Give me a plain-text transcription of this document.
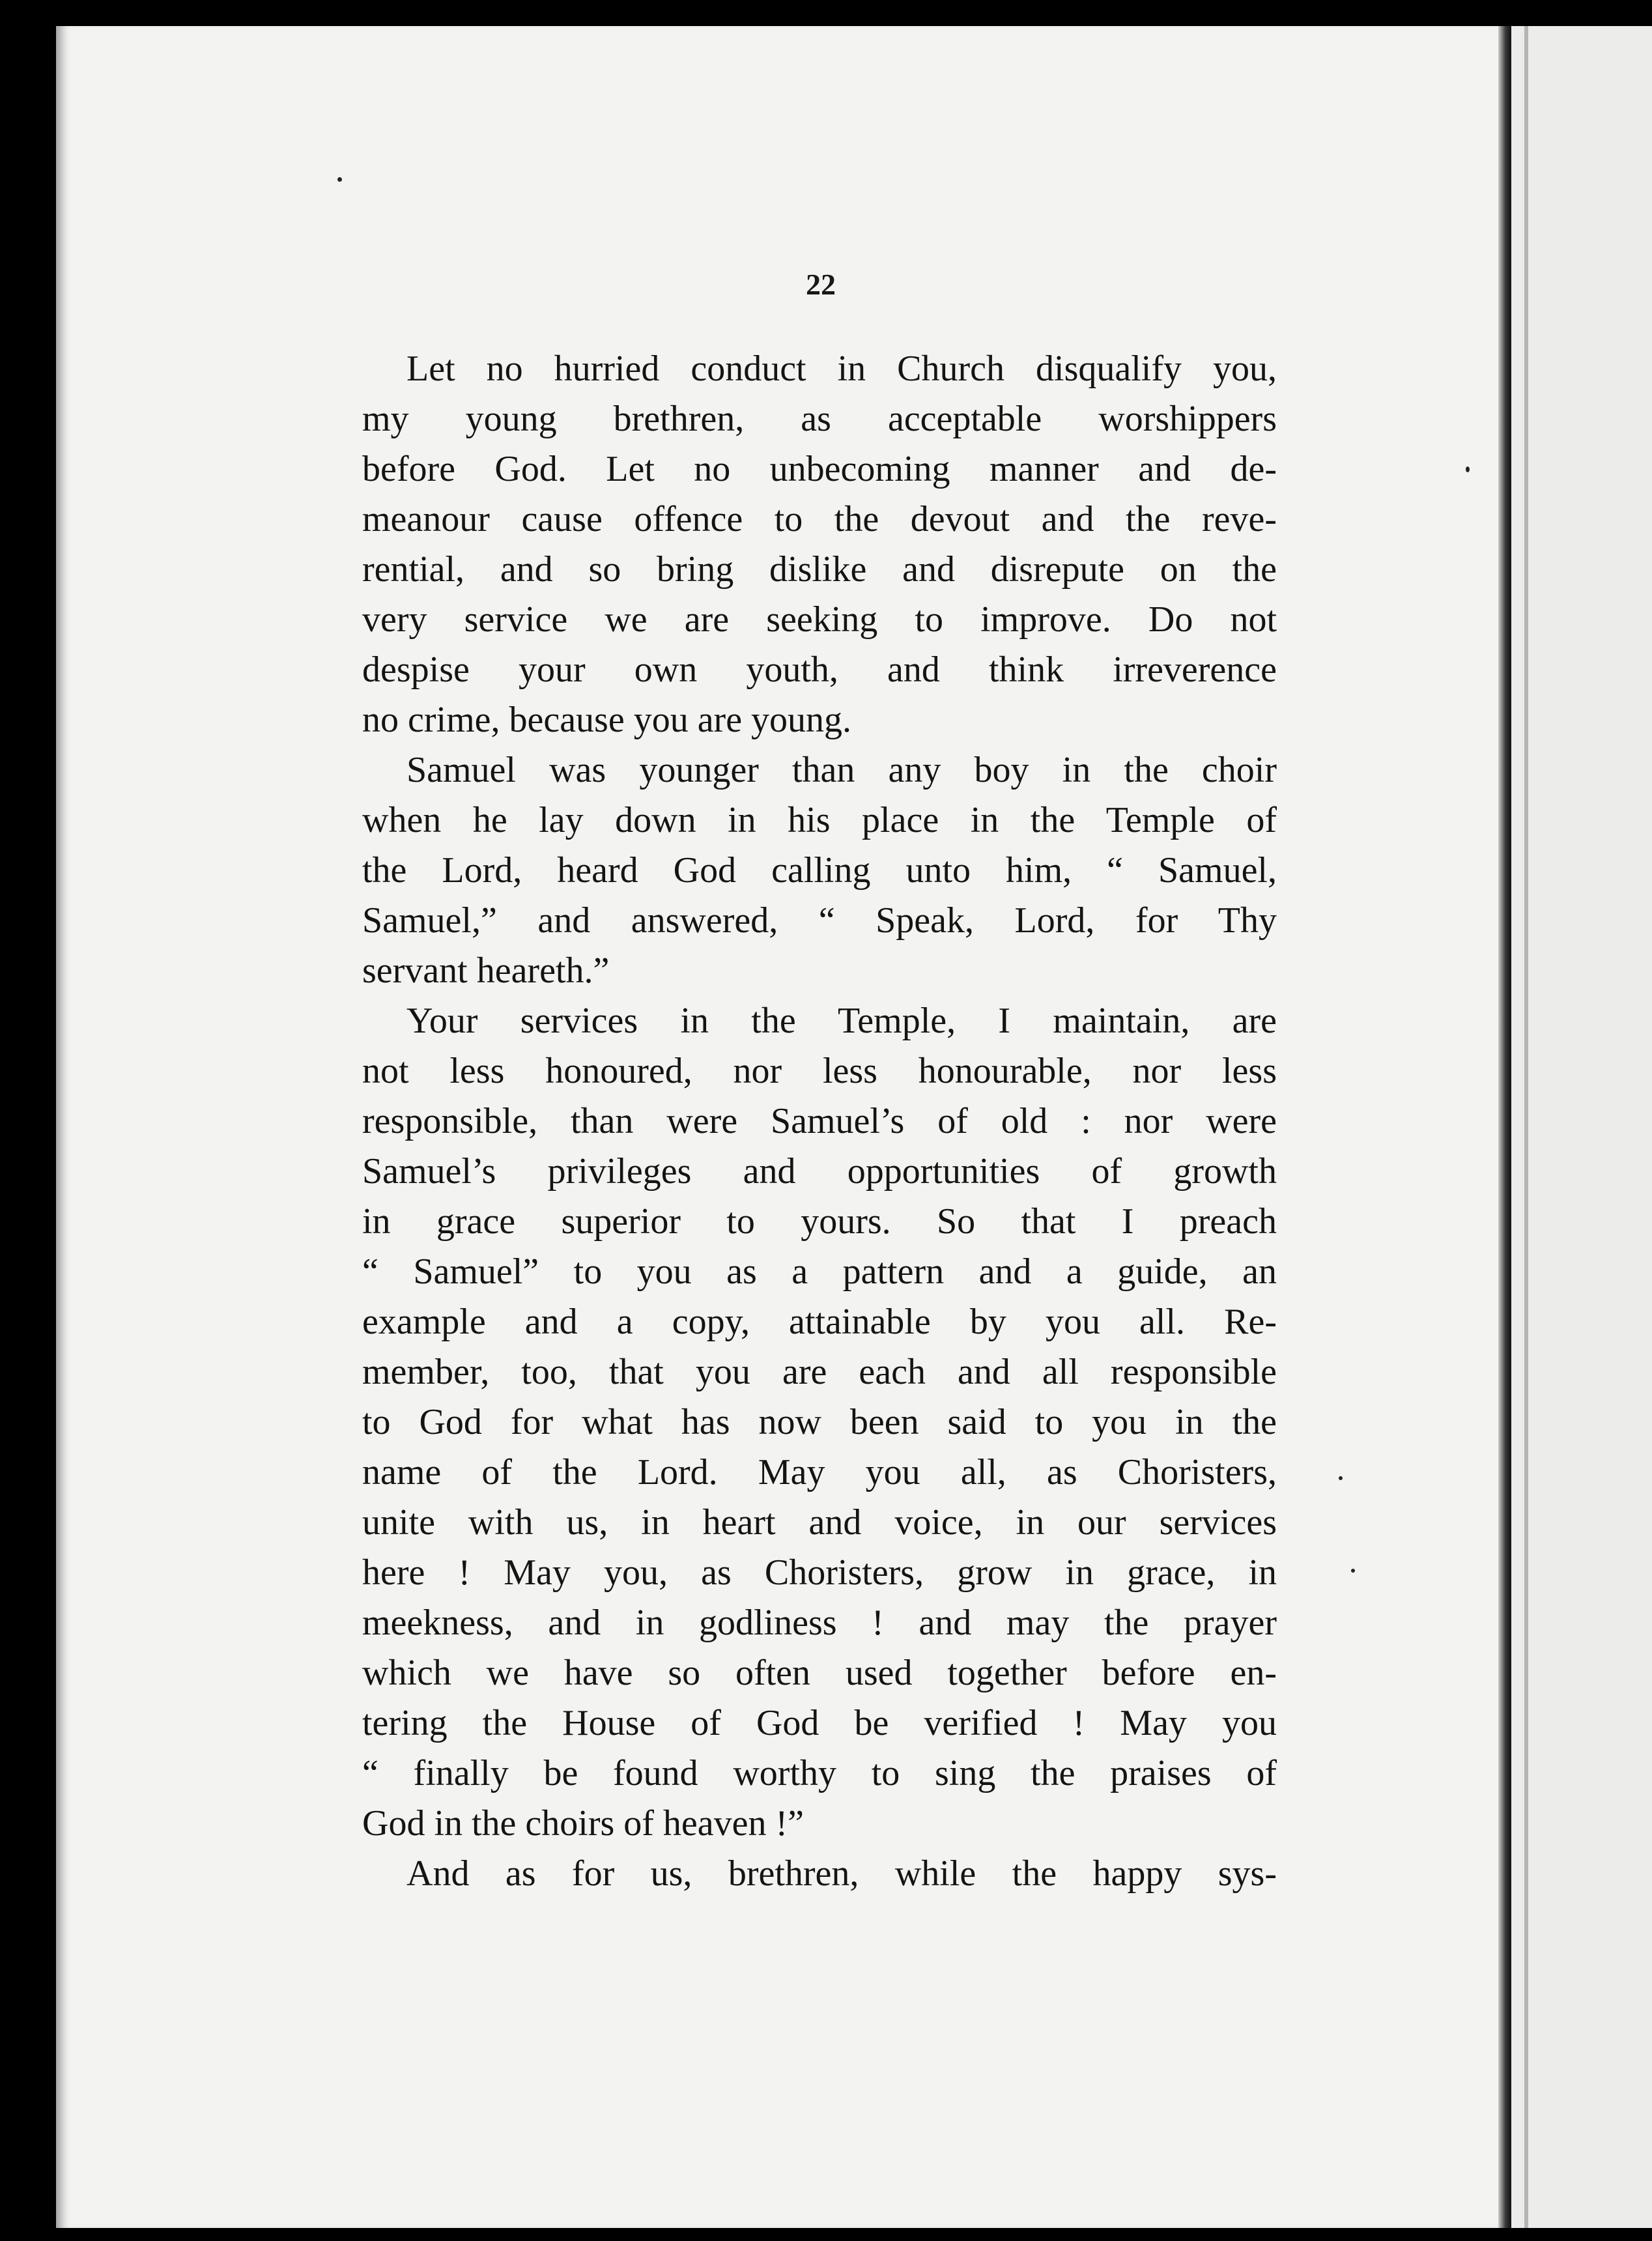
22
Let no hurried conduct in Church disqualify you,
my young brethren, as acceptable worshippers
before God. Let no unbecoming manner and de-
meanour cause offence to the devout and the reve-
rential, and so bring dislike and disrepute on the
very service we are seeking to improve. Do not
despise your own youth, and think irreverence
no crime, because you are young.
Samuel was younger than any boy in the choir
when he lay down in his place in the Temple of
the Lord, heard God calling unto him, “ Samuel,
Samuel,” and answered, “ Speak, Lord, for Thy
servant heareth.”
Your services in the Temple, I maintain, are
not less honoured, nor less honourable, nor less
responsible, than were Samuel’s of old : nor were
Samuel’s privileges and opportunities of growth
in grace superior to yours. So that I preach
“ Samuel” to you as a pattern and a guide, an
example and a copy, attainable by you all. Re-
member, too, that you are each and all responsible
to God for what has now been said to you in the
name of the Lord. May you all, as Choristers,
unite with us, in heart and voice, in our services
here ! May you, as Choristers, grow in grace, in
meekness, and in godliness ! and may the prayer
which we have so often used together before en-
tering the House of God be verified ! May you
“ finally be found worthy to sing the praises of
God in the choirs of heaven !”
And as for us, brethren, while the happy sys-
